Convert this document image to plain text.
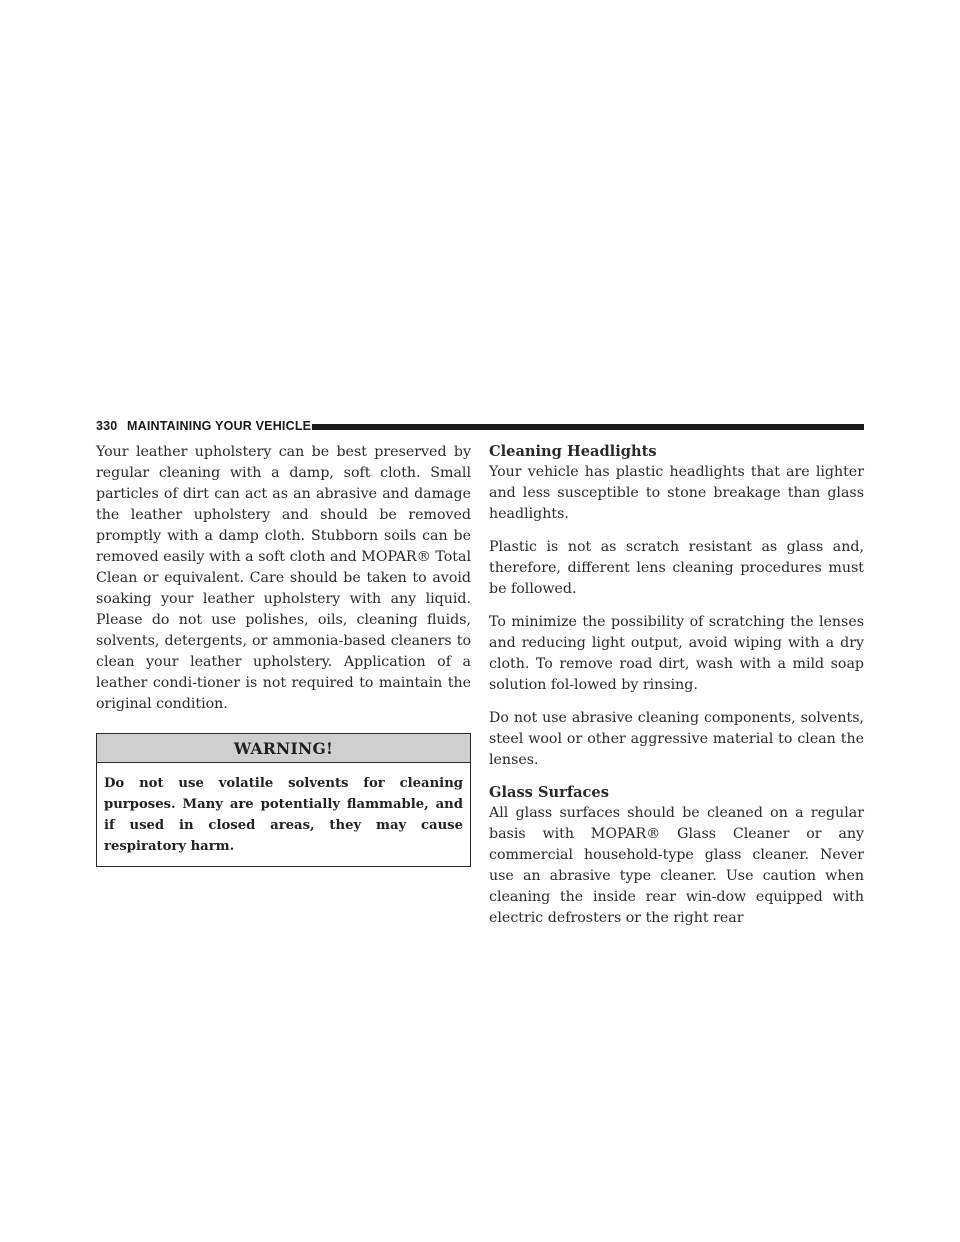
330 MAINTAINING YOUR VEHICLE

Your leather upholstery can be best preserved by regular cleaning with a damp, soft cloth. Small particles of dirt can act as an abrasive and damage the leather upholstery and should be removed promptly with a damp cloth. Stubborn soils can be removed easily with a soft cloth and MOPAR® Total Clean or equivalent. Care should be taken to avoid soaking your leather upholstery with any liquid. Please do not use polishes, oils, cleaning fluids, solvents, detergents, or ammonia-based cleaners to clean your leather upholstery. Application of a leather condi-tioner is not required to maintain the original condition.

WARNING!
Do not use volatile solvents for cleaning purposes. Many are potentially flammable, and if used in closed areas, they may cause respiratory harm.
Cleaning Headlights

Your vehicle has plastic headlights that are lighter and less susceptible to stone breakage than glass headlights.

Plastic is not as scratch resistant as glass and, therefore, different lens cleaning procedures must be followed.

To minimize the possibility of scratching the lenses and reducing light output, avoid wiping with a dry cloth. To remove road dirt, wash with a mild soap solution fol-lowed by rinsing.

Do not use abrasive cleaning components, solvents, steel wool or other aggressive material to clean the lenses.

Glass Surfaces

All glass surfaces should be cleaned on a regular basis with MOPAR® Glass Cleaner or any commercial household-type glass cleaner. Never use an abrasive type cleaner. Use caution when cleaning the inside rear win-dow equipped with electric defrosters or the right rear
